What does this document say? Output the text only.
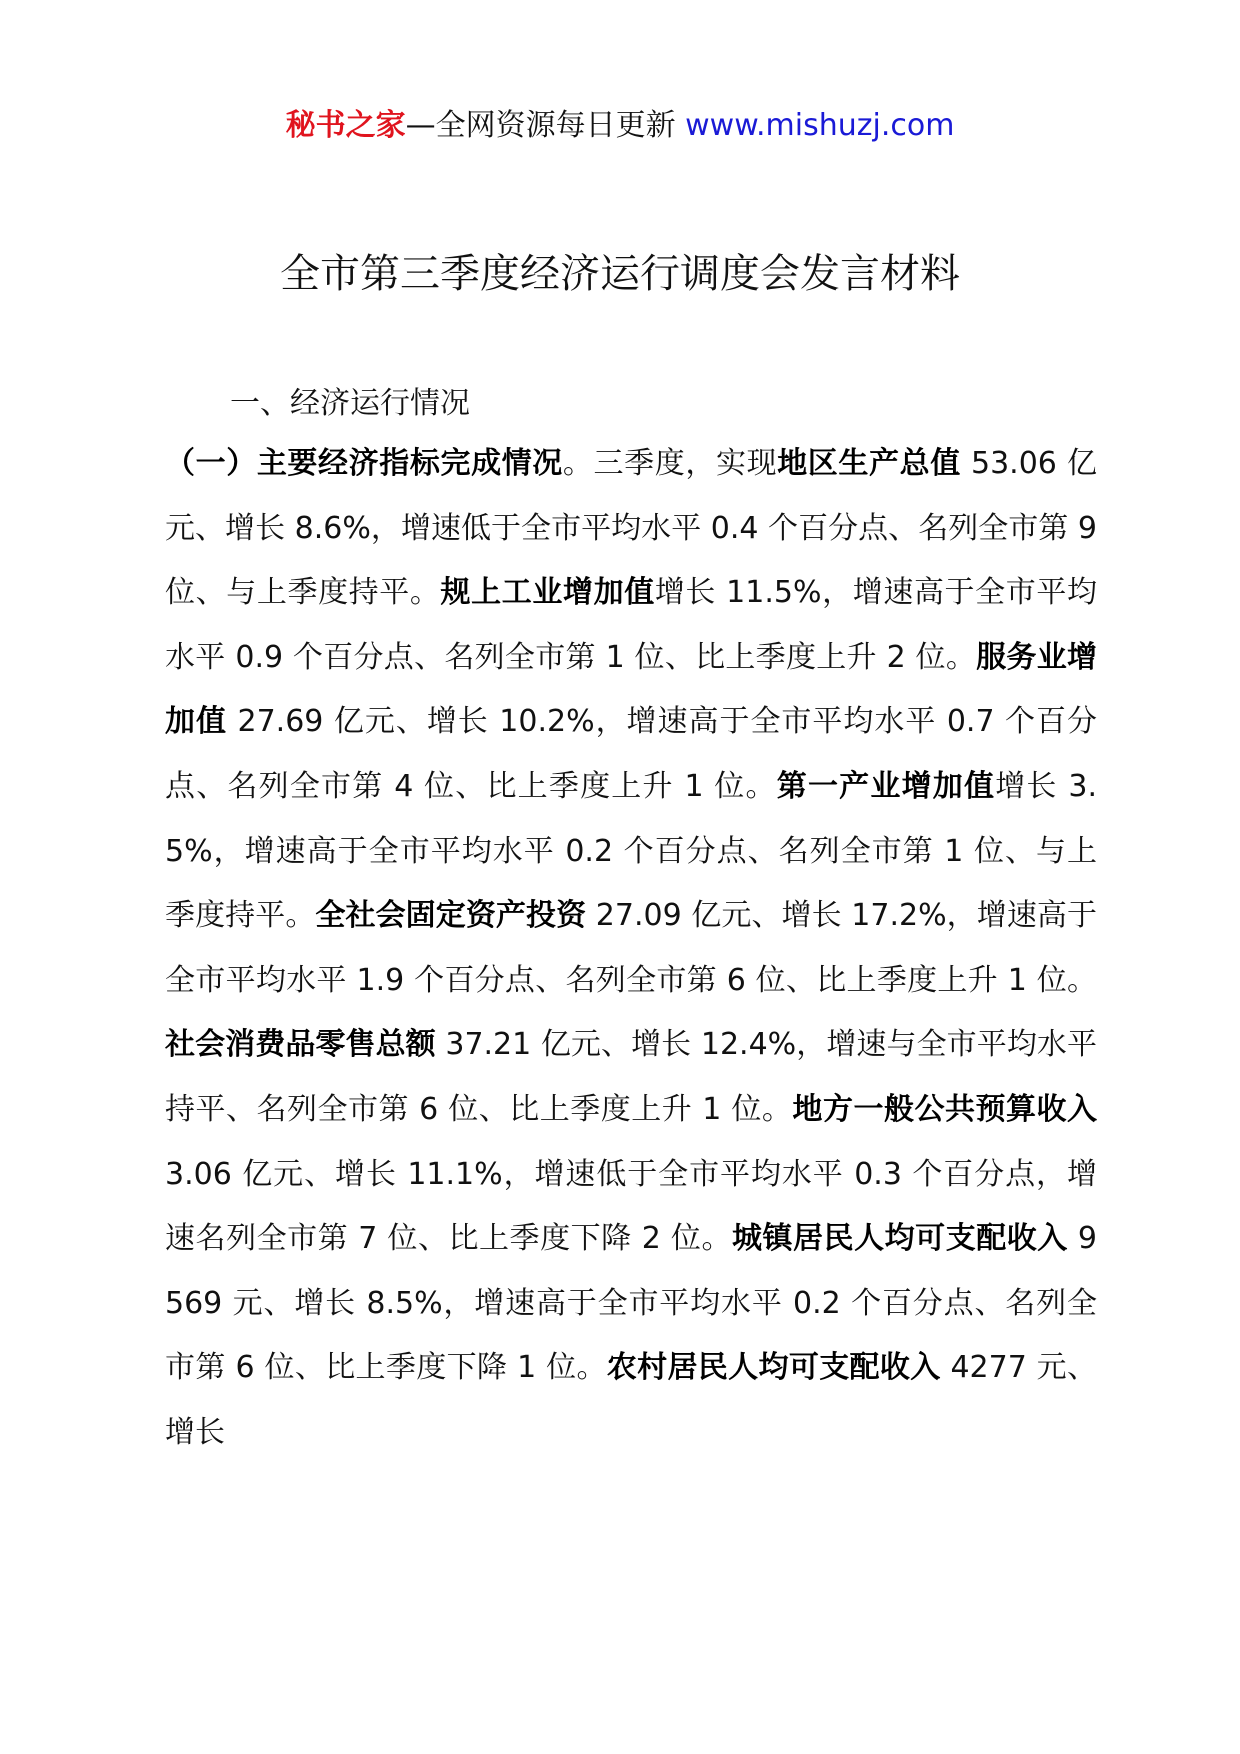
秘书之家—全网资源每日更新 www.mishuzj.com
全市第三季度经济运行调度会发言材料
一、经济运行情况
（一）主要经济指标完成情况。三季度，实现地区生产总值 53.06 亿元、增长 8.6%，增速低于全市平均水平 0.4 个百分点、名列全市第 9 位、与上季度持平。规上工业增加值增长 11.5%，增速高于全市平均水平 0.9 个百分点、名列全市第 1 位、比上季度上升 2 位。服务业增加值 27.69 亿元、增长 10.2%，增速高于全市平均水平 0.7 个百分点、名列全市第 4 位、比上季度上升 1 位。第一产业增加值增长 3.5%，增速高于全市平均水平 0.2 个百分点、名列全市第 1 位、与上季度持平。全社会固定资产投资 27.09 亿元、增长 17.2%，增速高于全市平均水平 1.9 个百分点、名列全市第 6 位、比上季度上升 1 位。社会消费品零售总额 37.21 亿元、增长 12.4%，增速与全市平均水平持平、名列全市第 6 位、比上季度上升 1 位。地方一般公共预算收入 3.06 亿元、增长 11.1%，增速低于全市平均水平 0.3 个百分点，增速名列全市第 7 位、比上季度下降 2 位。城镇居民人均可支配收入 9569 元、增长 8.5%，增速高于全市平均水平 0.2 个百分点、名列全市第 6 位、比上季度下降 1 位。农村居民人均可支配收入 4277 元、增长
